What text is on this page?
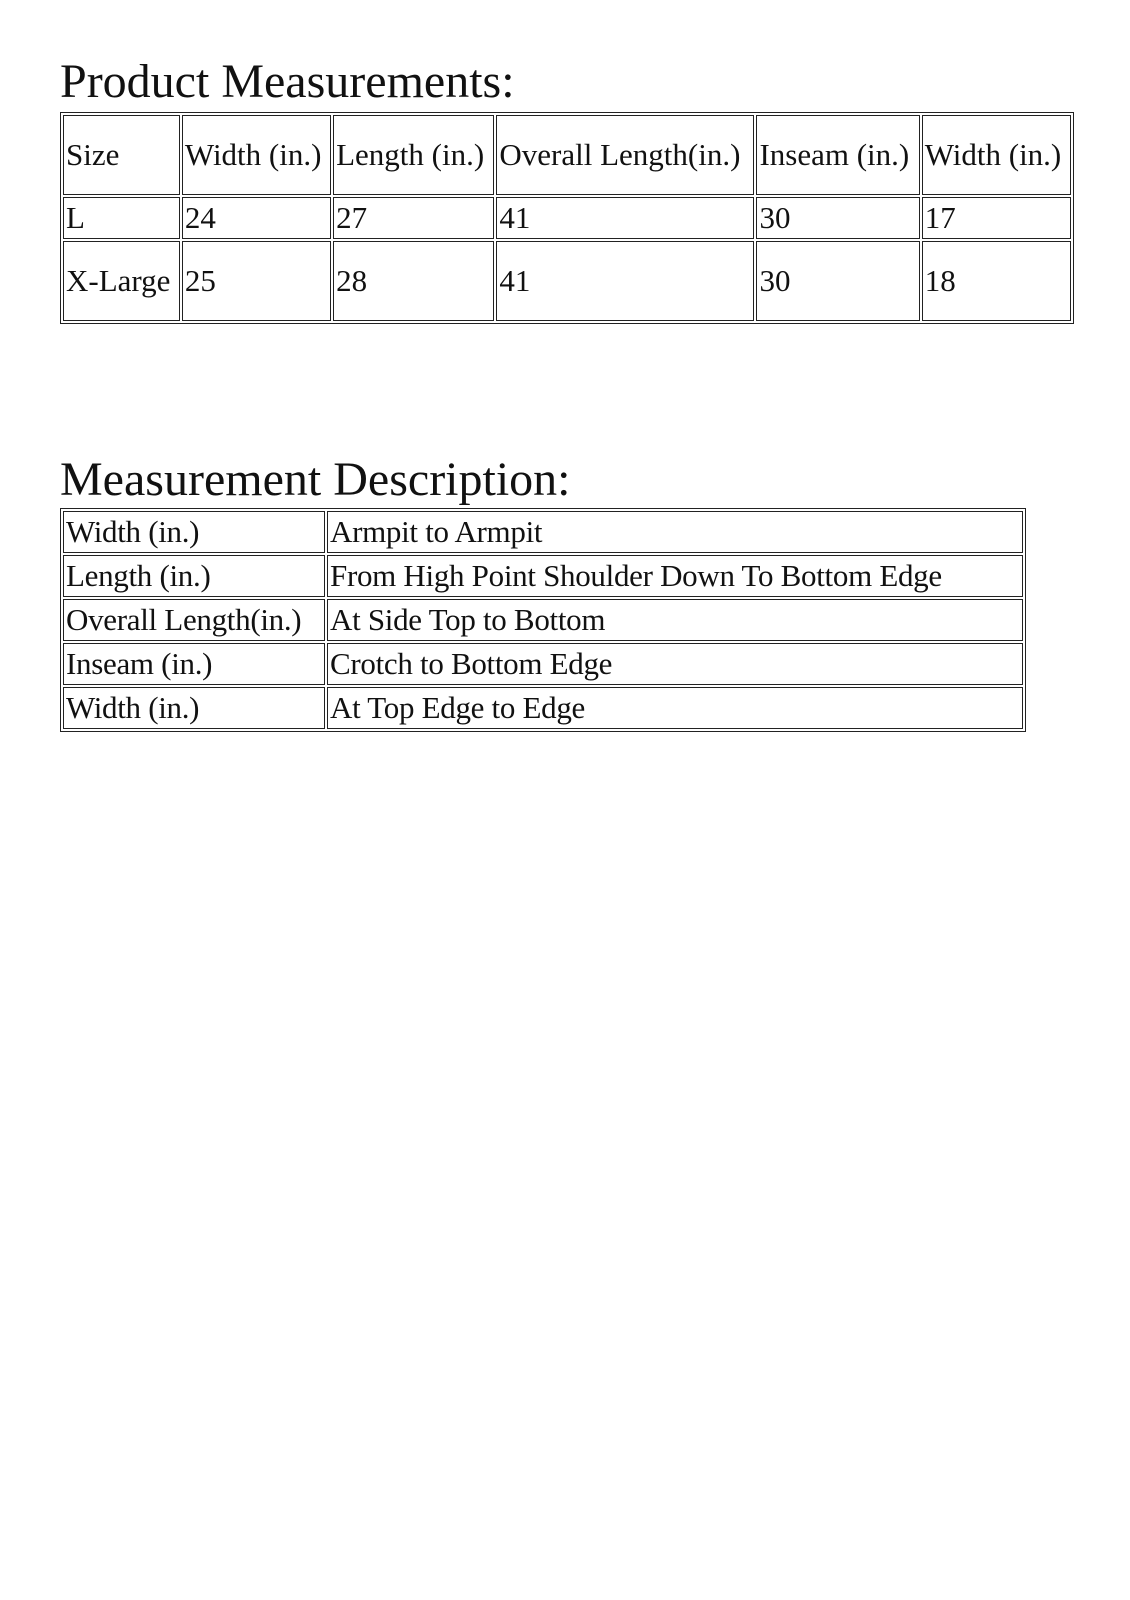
Product Measurements:
Size	Width (in.)	Length (in.)	Overall Length(in.)	Inseam (in.)	Width (in.)
L	24	27	41	30	17
X-Large	25	28	41	30	18
Measurement Description:
Width (in.)	Armpit to Armpit
Length (in.)	From High Point Shoulder Down To Bottom Edge
Overall Length(in.)	At Side Top to Bottom
Inseam (in.)	Crotch to Bottom Edge
Width (in.)	At Top Edge to Edge
